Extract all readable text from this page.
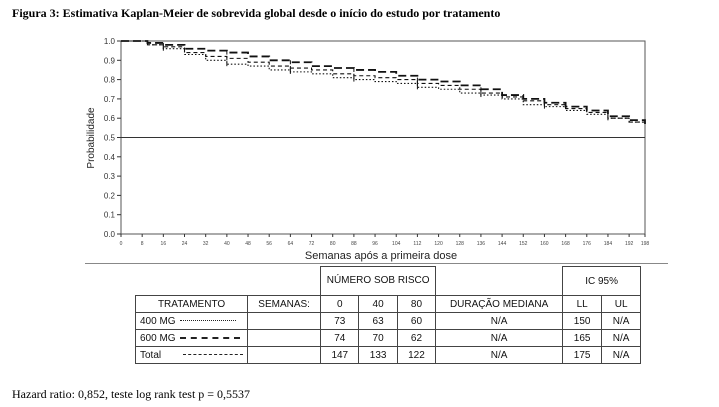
Figura 3: Estimativa Kaplan-Meier de sobrevida global desde o início do estudo por tratamento
0.0
0.1
0.2
0.3
0.4
0.5
0.6
0.7
0.8
0.9
1.0
0	8	16	24	32	40	48	56	64	72	80	88	96	104	112	120	128	136	144	152	160	168	176	184	192 198
Probabilidade
Semanas após a primeira dose
		NÚMERO SOB RISCO				IC 95%	
TRATAMENTO	SEMANAS:	0	40	80	DURAÇÃO MEDIANA	LL	UL
400 MG		73	63	60	N/A	150	N/A
600 MG		74	70	62	N/A	165	N/A
Total		147	133	122	N/A	175	N/A
Hazard ratio: 0,852, teste log rank test p = 0,5537
